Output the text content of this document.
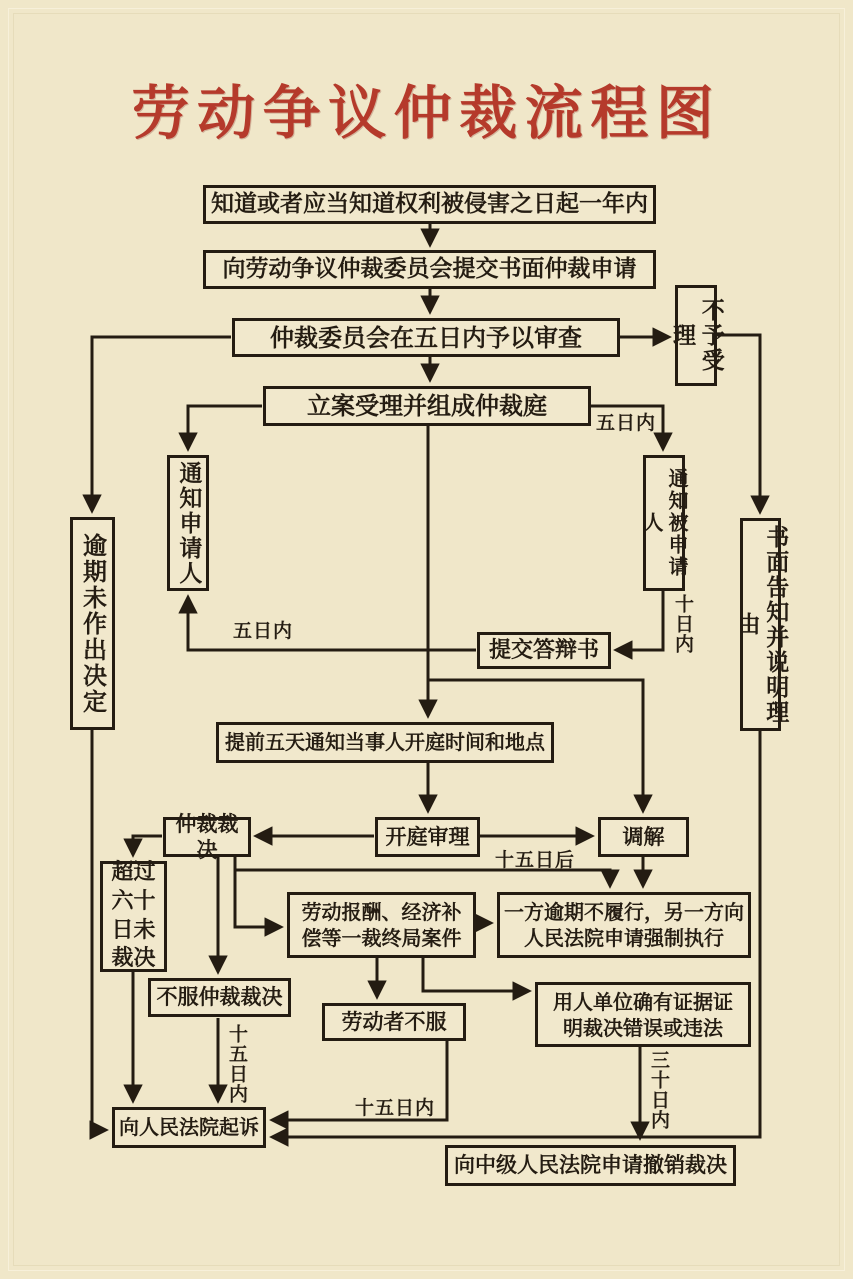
劳动争议仲裁流程图
知道或者应当知道权利被侵害之日起一年内
向劳动争议仲裁委员会提交书面仲裁申请
仲裁委员会在五日内予以审查	不予受理
立案受理并组成仲裁庭
通知申请人	通知被申请人
书面告知并说明理由
逾期未作出决定	提交答辩书
提前五天通知当事人开庭时间和地点
仲裁裁决
开庭审理	调解
超过六十日未裁决
劳动报酬、经济补偿等一裁终局案件
一方逾期不履行，另一方向人民法院申请强制执行
不服仲裁裁决	用人单位确有证据证明裁决错误或违法
劳动者不服
向人民法院起诉
向中级人民法院申请撤销裁决
五日内
五日内	十日内
十五日后
十五日内
十五日内	三十日内
